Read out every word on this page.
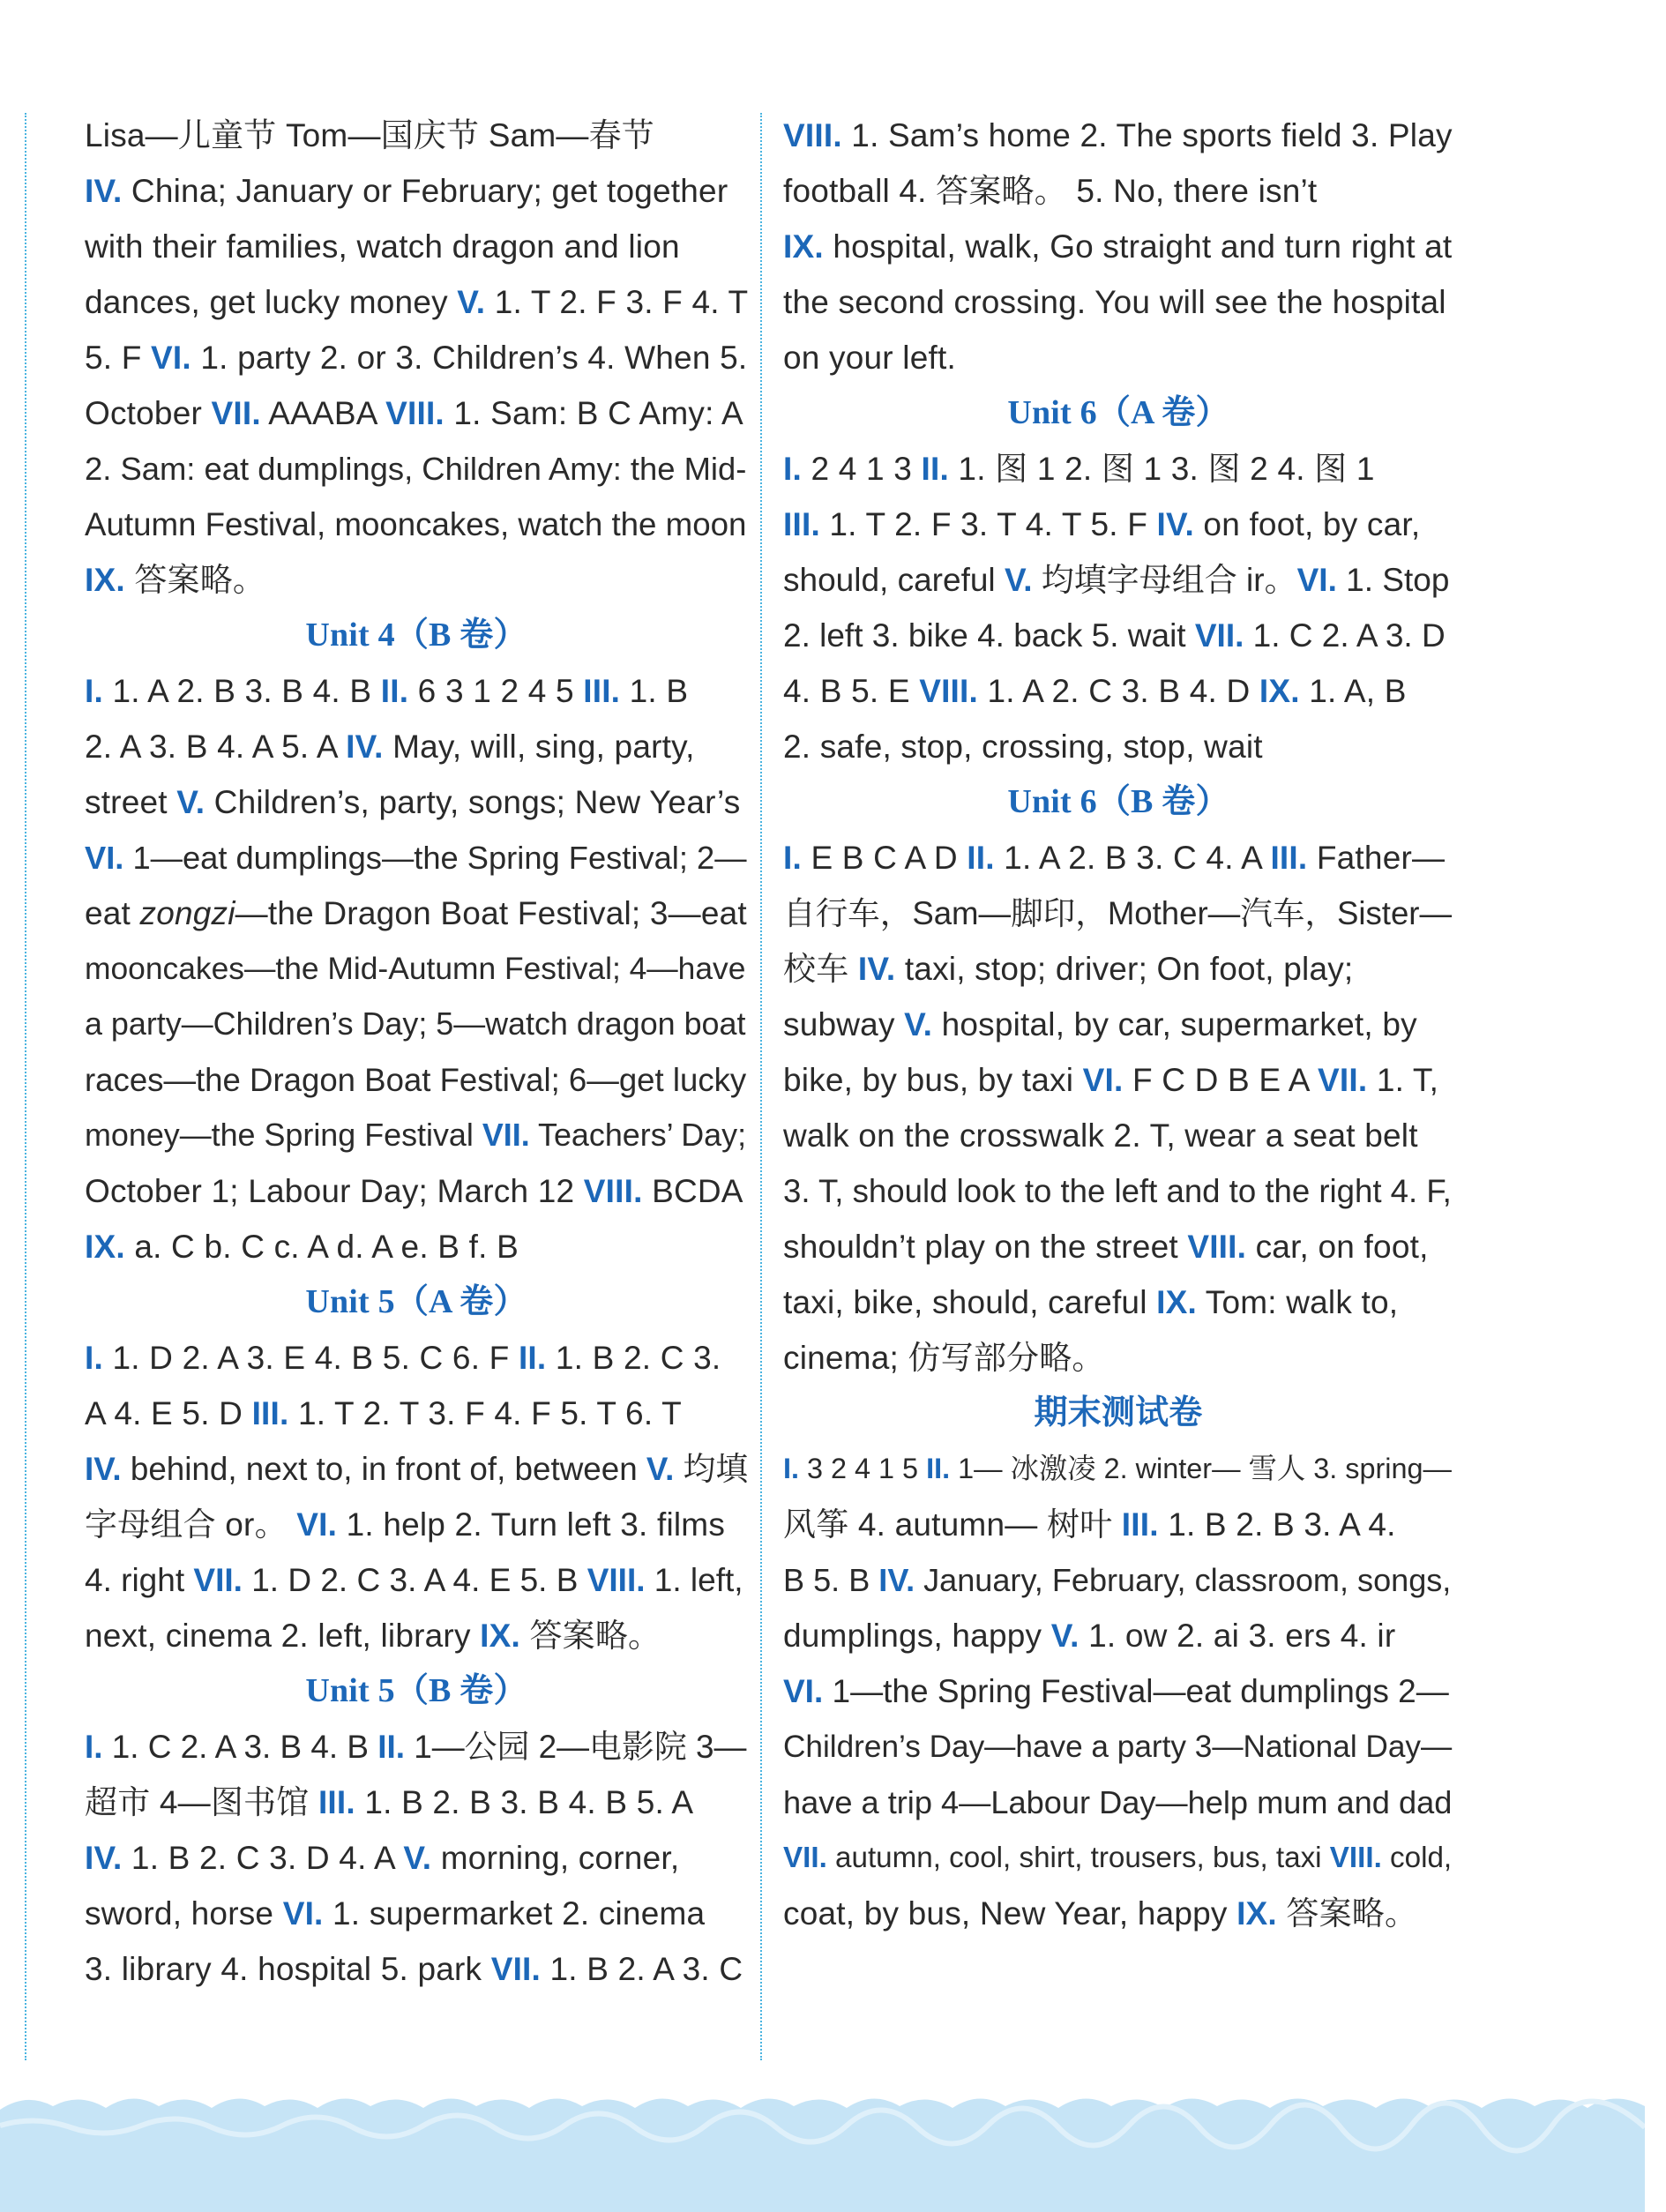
Lisa—儿童节 Tom—国庆节 Sam—春节

IV. China; January or February; get together

with their families, watch dragon and lion

dances, get lucky money V. 1. T 2. F 3. F 4. T

5. F VI. 1. party 2. or 3. Children’s 4. When 5.

October VII. AAABA VIII. 1. Sam: B C Amy: A

2. Sam: eat dumplings, Children Amy: the Mid-

Autumn Festival, mooncakes, watch the moon

IX. 答案略。

Unit 4（B 卷）

I. 1. A 2. B 3. B 4. B II. 6 3 1 2 4 5 III. 1. B

2. A 3. B 4. A 5. A IV. May, will, sing, party,

street V. Children’s, party, songs; New Year’s

VI. 1—eat dumplings—the Spring Festival; 2—

eat zongzi—the Dragon Boat Festival; 3—eat

mooncakes—the Mid-Autumn Festival; 4—have

a party—Children’s Day; 5—watch dragon boat

races—the Dragon Boat Festival; 6—get lucky

money—the Spring Festival VII. Teachers’ Day;

October 1; Labour Day; March 12 VIII. BCDA

IX. a. C b. C c. A d. A e. B f. B

Unit 5（A 卷）

I. 1. D 2. A 3. E 4. B 5. C 6. F II. 1. B 2. C 3.

A 4. E 5. D III. 1. T 2. T 3. F 4. F 5. T 6. T

IV. behind, next to, in front of, between V. 均填

字母组合 or。 VI. 1. help 2. Turn left 3. films

4. right VII. 1. D 2. C 3. A 4. E 5. B VIII. 1. left,

next, cinema 2. left, library IX. 答案略。

Unit 5（B 卷）

I. 1. C 2. A 3. B 4. B II. 1—公园 2—电影院 3—

超市 4—图书馆 III. 1. B 2. B 3. B 4. B 5. A

IV. 1. B 2. C 3. D 4. A V. morning, corner,

sword, horse VI. 1. supermarket 2. cinema

3. library 4. hospital 5. park VII. 1. B 2. A 3. C

VIII. 1. Sam’s home 2. The sports field 3. Play

football 4. 答案略。 5. No, there isn’t

IX. hospital, walk, Go straight and turn right at

the second crossing. You will see the hospital

on your left.

Unit 6（A 卷）

I. 2 4 1 3 II. 1. 图 1 2. 图 1 3. 图 2 4. 图 1

III. 1. T 2. F 3. T 4. T 5. F IV. on foot, by car,

should, careful V. 均填字母组合 ir。VI. 1. Stop

2. left 3. bike 4. back 5. wait VII. 1. C 2. A 3. D

4. B 5. E VIII. 1. A 2. C 3. B 4. D IX. 1. A, B

2. safe, stop, crossing, stop, wait

Unit 6（B 卷）

I. E B C A D II. 1. A 2. B 3. C 4. A III. Father—

自行车，Sam—脚印，Mother—汽车，Sister—

校车 IV. taxi, stop; driver; On foot, play;

subway V. hospital, by car, supermarket, by

bike, by bus, by taxi VI. F C D B E A VII. 1. T,

walk on the crosswalk 2. T, wear a seat belt

3. T, should look to the left and to the right 4. F,

shouldn’t play on the street VIII. car, on foot,

taxi, bike, should, careful IX. Tom: walk to,

cinema; 仿写部分略。

期末测试卷

I. 3 2 4 1 5 II. 1— 冰激凌 2. winter— 雪人 3. spring—

风筝 4. autumn— 树叶 III. 1. B 2. B 3. A 4.

B 5. B IV. January, February, classroom, songs,

dumplings, happy V. 1. ow 2. ai 3. ers 4. ir

VI. 1—the Spring Festival—eat dumplings 2—

Children’s Day—have a party 3—National Day—

have a trip 4—Labour Day—help mum and dad

VII. autumn, cool, shirt, trousers, bus, taxi VIII. cold,

coat, by bus, New Year, happy IX. 答案略。
